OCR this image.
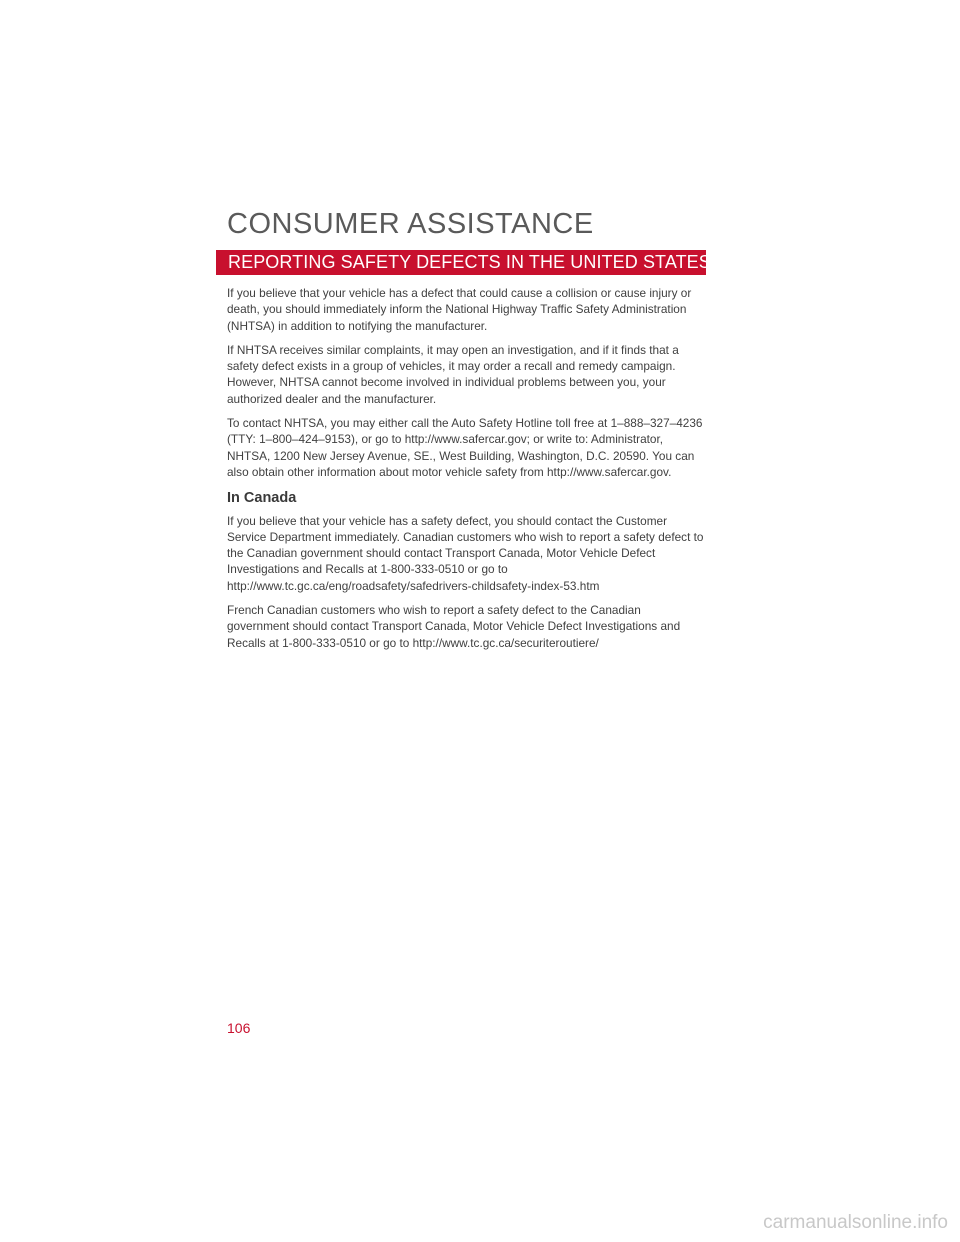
CONSUMER ASSISTANCE
REPORTING SAFETY DEFECTS IN THE UNITED STATES

If you believe that your vehicle has a defect that could cause a collision or cause injury or death, you should immediately inform the National Highway Traffic Safety Administration (NHTSA) in addition to notifying the manufacturer.

If NHTSA receives similar complaints, it may open an investigation, and if it finds that a safety defect exists in a group of vehicles, it may order a recall and remedy campaign. However, NHTSA cannot become involved in individual problems between you, your authorized dealer and the manufacturer.

To contact NHTSA, you may either call the Auto Safety Hotline toll free at 1–888–327–4236 (TTY: 1–800–424–9153), or go to http://www.safercar.gov; or write to: Administrator, NHTSA, 1200 New Jersey Avenue, SE., West Building, Washington, D.C. 20590. You can also obtain other information about motor vehicle safety from http://www.safercar.gov.

In Canada

If you believe that your vehicle has a safety defect, you should contact the Customer Service Department immediately. Canadian customers who wish to report a safety defect to the Canadian government should contact Transport Canada, Motor Vehicle Defect Investigations and Recalls at 1-800-333-0510 or go to http://www.tc.gc.ca/eng/roadsafety/safedrivers-childsafety-index-53.htm

French Canadian customers who wish to report a safety defect to the Canadian government should contact Transport Canada, Motor Vehicle Defect Investigations and Recalls at 1-800-333-0510 or go to http://www.tc.gc.ca/securiteroutiere/

106
carmanualsonline.info
